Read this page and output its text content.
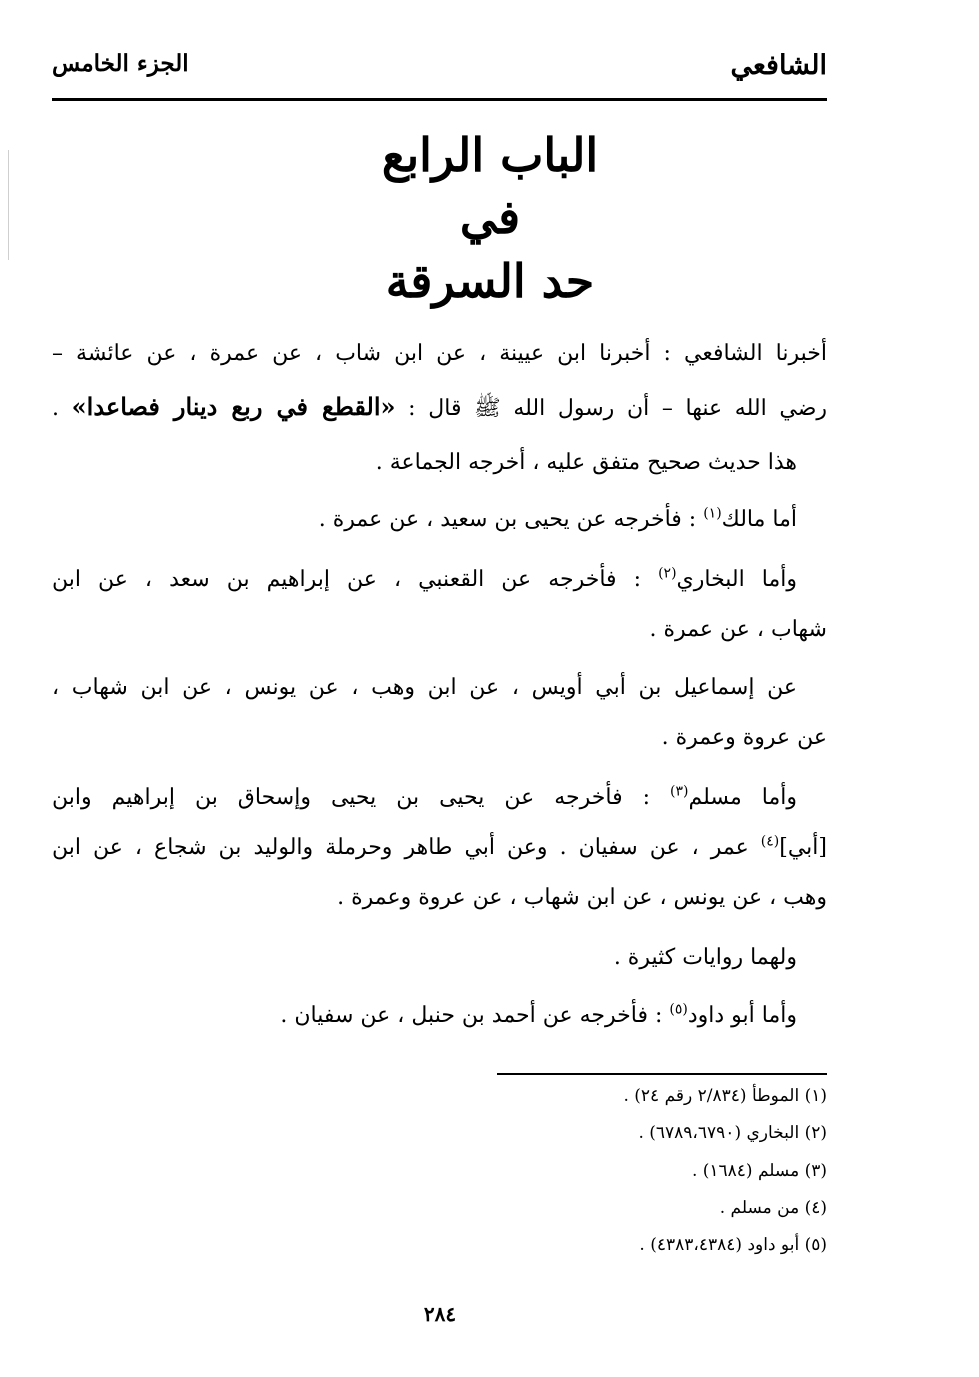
الشافعي
الجزء الخامس
الباب الرابع
في
حد السرقة
أخبرنا الشافعي : أخبرنا ابن عيينة ، عن ابن شاب ، عن عمرة ، عن عائشة –
رضي الله عنها – أن رسول الله ﷺ قال : «القطع في ربع دينار فصاعدا» .
هذا حديث صحيح متفق عليه ، أخرجه الجماعة .
أما مالك$^{(١)}$ : فأخرجه عن يحيى بن سعيد ، عن عمرة .
وأما البخاري$^{(٢)}$ : فأخرجه عن القعنبي ، عن إبراهيم بن سعد ، عن ابن
شهاب ، عن عمرة .
عن إسماعيل بن أبي أويس ، عن ابن وهب ، عن يونس ، عن ابن شهاب ،
عن عروة وعمرة .
وأما مسلم$^{(٣)}$ : فأخرجه عن يحيى بن يحيى وإسحاق بن إبراهيم وابن
[أبي]$^{(٤)}$ عمر ، عن سفيان . وعن أبي طاهر وحرملة والوليد بن شجاع ، عن ابن
وهب ، عن يونس ، عن ابن شهاب ، عن عروة وعمرة .
ولهما روايات كثيرة .
وأما أبو داود$^{(٥)}$ : فأخرجه عن أحمد بن حنبل ، عن سفيان .
(١) الموطأ (٢/٨٣٤ رقم ٢٤) .
(٢) البخاري (٦٧٨٩،٦٧٩٠) .
(٣) مسلم (١٦٨٤) .
(٤) من مسلم .
(٥) أبو داود (٤٣٨٣،٤٣٨٤) .
٢٨٤
